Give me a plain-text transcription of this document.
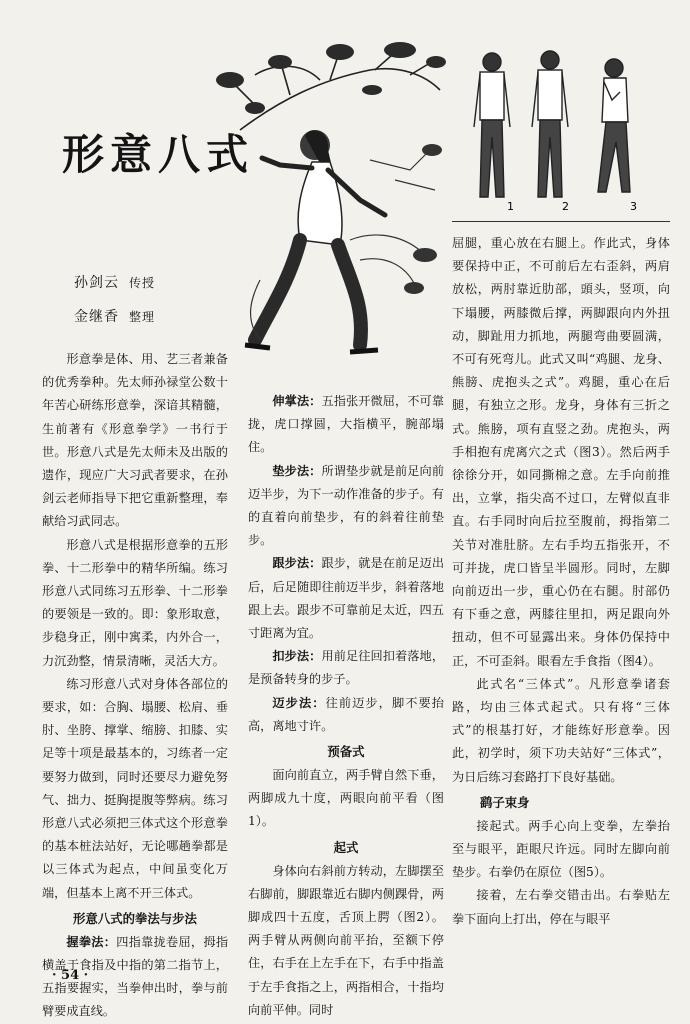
形意八式
孙剑云 传授
金继香 整理
1	2	3

形意拳是体、用、艺三者兼备的优秀拳种。先太师孙禄堂公数十年苦心研练形意拳，深谙其精髓，生前著有《形意拳学》一书行于世。形意八式是先太师未及出版的遗作，现应广大习武者要求，在孙剑云老师指导下把它重新整理，奉献给习武同志。

形意八式是根据形意拳的五形拳、十二形拳中的精华所编。练习形意八式同练习五形拳、十二形拳的要领是一致的。即：象形取意，步稳身正，刚中寓柔，内外合一，力沉劲整，情景清晰，灵活大方。

练习形意八式对身体各部位的要求，如：合胸、塌腰、松肩、垂肘、坐胯、撑掌、缩膀、扣膝、实足等十项是最基本的，习练者一定要努力做到，同时还要尽力避免努气、拙力、挺胸提腹等弊病。练习形意八式必须把三体式这个形意拳的基本桩法站好，无论哪趟拳都是以三体式为起点，中间虽变化万端，但基本上离不开三体式。

形意八式的拳法与步法

握拳法：四指靠拢卷屈，拇指横盖于食指及中指的第二指节上，五指要握实，当拳伸出时，拳与前臂要成直线。

伸掌法：五指张开微屈，不可靠拢，虎口撑圆，大指横平，腕部塌住。

垫步法：所谓垫步就是前足向前迈半步，为下一动作准备的步子。有的直着向前垫步，有的斜着往前垫步。

跟步法：跟步，就是在前足迈出后，后足随即往前迈半步，斜着落地跟上去。跟步不可靠前足太近，四五寸距离为宜。

扣步法：用前足往回扣着落地，是预备转身的步子。

迈步法：往前迈步，脚不要抬高，离地寸许。

预备式

面向前直立，两手臂自然下垂，两脚成九十度，两眼向前平看（图1）。

起式

身体向右斜前方转动，左脚摆至右脚前，脚跟靠近右脚内侧踝骨，两脚成四十五度，舌顶上腭（图2）。两手臂从两侧向前平抬，至额下停住，右手在上左手在下，右手中指盖于左手食指之上，两指相合，十指均向前平伸。同时

屈腿，重心放在右腿上。作此式，身体要保持中正，不可前后左右歪斜，两肩放松，两肘靠近肋部，頭头，竖项，向下塌腰，两膝微后撑，两脚跟向内外扭动，脚趾用力抓地，两腿弯曲要圆满，不可有死弯儿。此式又叫“鸡腿、龙身、熊膀、虎抱头之式”。鸡腿，重心在后腿，有独立之形。龙身，身体有三折之式。熊膀，项有直竖之劲。虎抱头，两手相抱有虎离穴之式（图3）。然后两手徐徐分开，如同撕棉之意。左手向前推出，立掌，指尖高不过口，左臂似直非直。右手同时向后拉至腹前，拇指第二关节对准肚脐。左右手均五指张开，不可并拢，虎口皆呈半圆形。同时，左脚向前迈出一步，重心仍在右腿。肘部仍有下垂之意，两膝往里扣，两足跟向外扭动，但不可显露出来。身体仍保持中正，不可歪斜。眼看左手食指（图4）。

此式名“三体式”。凡形意拳诸套路，均由三体式起式。只有将“三体式”的根基打好，才能练好形意拳。因此，初学时，须下功夫站好“三体式”，为日后练习套路打下良好基础。

鹞子束身

接起式。两手心向上变拳，左拳抬至与眼平，距眼尺许远。同时左脚向前垫步。右拳仍在原位（图5）。

接着，左右拳交错击出。右拳贴左拳下面向上打出，停在与眼平

· 54 ·
